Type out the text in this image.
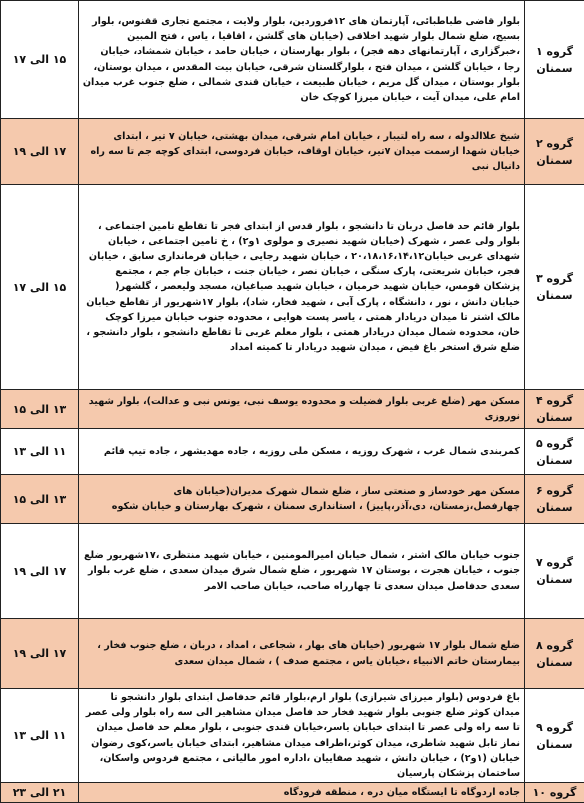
۱۵ الی ۱۷	بلوار قاضی طباطبائی، آپارتمان های ۱۲فروردین، بلوار ولایت ، مجتمع تجاری ققنوس، بلوار بسیج، ضلع شمال بلوار شهید اخلاقی (خیابان های گلشن ، اقاقیا ، یاس ، فتح المبین ،خبرگزاری ، آپارتمانهای دهه فجر) ، بلوار بهارستان ، خیابان حامد ، خیابان شمشاد، خیابان رجا ، خیابان گلشن ، میدان فتح ، بلوارگلستان شرقی، خیابان بیت المقدس ، میدان بوستان، بلوار بوستان ، میدان گل مریم ، خیابان طبیعت ، خیابان قندی شمالی ، ضلع جنوب غرب میدان امام علی، میدان آیت ، خیابان میرزا کوچک خان	گروه ۱
سمنان

۱۷ الی ۱۹	شیخ علاالدوله ، سه راه لتیبار ، خیابان امام شرقی، میدان بهشتی، خیابان ۷ تیر ، ابتدای خیابان شهدا ازسمت میدان ۷تیر، خیابان اوقاف، خیابان فردوسی، ابتدای کوچه جم تا سه راه دانیال نبی	گروه ۲
سمنان

۱۵ الی ۱۷	بلوار قائم حد فاصل دربان تا دانشجو ، بلوار قدس از ابتدای فجر تا تقاطع تامین اجتماعی ، بلوار ولی عصر ، شهرک (خیابان شهید نصیری و مولوی ۱و۲) ، خ تامین اجتماعی ، خیابان شهدای غربی خیابان۲۰،۱۸،۱۶،۱۴،۱۲ ، خیابان شهید رجایی ، خیابان فرمانداری سابق ، خیابان فجر، خیابان شریعتی، پارک سنگی ، خیابان نصر ، خیابان جنت ، خیابان جام جم ، مجتمع پزشکان قومس، خیابان شهید خرمیان ، خیابان شهید صباغیان، مسجد ولیعصر ، گلشهر( خیابان دانش ، نور ، دانشگاه ، پارک آبی ، شهید فخار، شاد)، بلوار ۱۷شهریور از تقاطع خیابان مالک اشتر تا میدان دریادار همتی ، یاسر پست هوایی ، محدوده جنوب خیابان میرزا کوچک خان، محدوده شمال میدان دریادار همتی ، بلوار معلم غربی تا تقاطع دانشجو ، بلوار دانشجو ، ضلع شرق استخر باغ فیض ، میدان شهید دریادار تا کمیته امداد	گروه ۳
سمنان

۱۳ الی ۱۵	مسکن مهر (ضلع غربی بلوار فضیلت و محدوده یوسف نبی، یونس نبی و عدالت)، بلوار شهید نوروزی	گروه ۴
سمنان

۱۱ الی ۱۳	کمربندی شمال غرب ، شهرک روزیه ، مسکن ملی روزیه ، جاده مهدیشهر ، جاده تیپ قائم	گروه ۵
سمنان

۱۳ الی ۱۵	مسکن مهر خودساز و صنعتی ساز ، ضلع شمال شهرک مدیران(خیابان های چهارفصل،زمستان، دی،آذر،پاییز) ، استانداری سمنان ، شهرک بهارستان و خیابان شکوه	گروه ۶
سمنان

۱۷ الی ۱۹	جنوب خیابان مالک اشتر ، شمال خیابان امیرالمومنین ، خیابان شهید منتظری ،۱۷شهریور ضلع جنوب ، خیابان هجرت ، بوستان ۱۷ شهریور ، ضلع شمال شرق میدان سعدی ، ضلع غرب بلوار سعدی حدفاصل میدان سعدی تا چهارراه صاحب، خیابان صاحب الامر	گروه ۷
سمنان

۱۷ الی ۱۹	ضلع شمال بلوار ۱۷ شهریور (خیابان های بهار ، شجاعی ، امداد ، دربان ، ضلع جنوب فخار ، بیمارستان خاتم الانبیاء ،خیابان یاس ، مجتمع صدف ) ، شمال میدان سعدی	گروه ۸
سمنان

۱۱ الی ۱۳	باغ فردوس (بلوار میرزای شیرازی) بلوار ارم،بلوار قائم حدفاصل ابتدای بلوار دانشجو تا میدان کوثر ضلع جنوبی بلوار شهید فخار حد فاصل میدان مشاهیر الی سه راه بلوار ولی عصر تا سه راه ولی عصر تا ابتدای خیابان یاسر،خیابان قندی جنوبی ، بلوار معلم حد فاصل میدان نماز تابل شهید شاطری، میدان کوثر،اطراف میدان مشاهیر، ابتدای خیابان یاسر،کوی رضوان خیابان (۱و۲) ، خیابان دانش ، شهید صفاییان ،اداره امور مالیاتی ، مجتمع فردوس واسکان، ساختمان پزشکان پارسیان	گروه ۹
سمنان

۲۱ الی ۲۳	جاده اردوگاه تا ایستگاه میان دره ، منطقه فرودگاه	گروه ۱۰
